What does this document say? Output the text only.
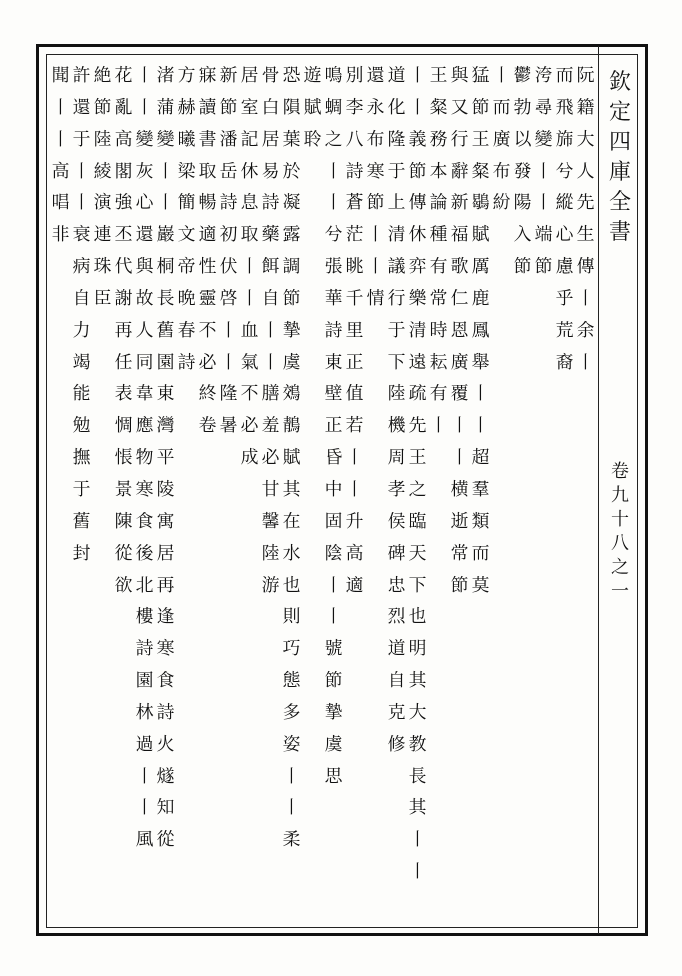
欽
定
四
庫
全
書
卷
九
十
八
之
一
阮
籍
大
人
先
生
傳
丨
余
丨
而
飛
旆
兮
縱
心
慮
乎
荒
裔
洿
尋
變
丨
丨
端
節
鬱
勃
以
發
陽
入
節
丨
而
廣
布
紛
猛
節
王
粲
鶡
賦
厲
鹿
鳳
舉
丨
丨
超
羣
類
而
莫
與
又
行
辭
新
福
歌
仁
恩
廣
覆
丨
丨
横
逝
常
節
王
粲
務
本
論
種
有
常
時
耘
有
丨
丨
丨
義
節
傳
休
弈
樂
清
遠
疏
先
王
之
臨
天
下
也
明
其
大
教
長
其
丨
丨
道
化
隆
于
上
清
議
行
于
下
陸
機
周
孝
侯
碑
忠
烈
道
自
克
修
還
永
布
寒
節
丨
丨
情
別
李
八
詩
蒼
茫
眺
千
里
正
值
若
丨
丨
升
高
適
鳴
蜩
之
丨
丨
兮
張
華
詩
東
壁
正
昏
中
固
陰
丨
丨
號
節
摯
虞
思
遊
賦
聆
恐
隕
葉
於
凝
露
調
節
摯
虞
鵁
鶄
賦
其
在
水
也
則
巧
態
多
姿
丨
丨
柔
骨
白
居
易
詩
藥
餌
自
丨
丨
膳
羞
必
甘
馨
陸
游
居
室
記
休
息
取
丨
丨
血
氣
不
必
成
新
節
潘
岳
詩
初
伏
啓
丨
丨
隆
暑
寐
讀
書
取
暢
適
性
靈
不
必
終
卷
方
赫
曦
梁
簡
文
帝
晩
春
詩
渚
蒲
變
丨
丨
巖
桐
長
舊
園
東
灣
平
陵
寓
居
再
逢
寒
食
詩
火
燧
知
從
丨
丨
變
灰
心
還
與
故
人
同
韋
應
物
寒
食
後
北
樓
詩
園
林
過
丨
丨
風
花
亂
高
閣
強
丕
代
謝
再
任
表
惆
悵
景
陳
從
欲
絶
節
陸
綾
演
連
珠
臣
許
還
于
丨
丨
衰
病
自
力
竭
能
勉
撫
于
舊
封
聞
丨
丨
高
唱
非
